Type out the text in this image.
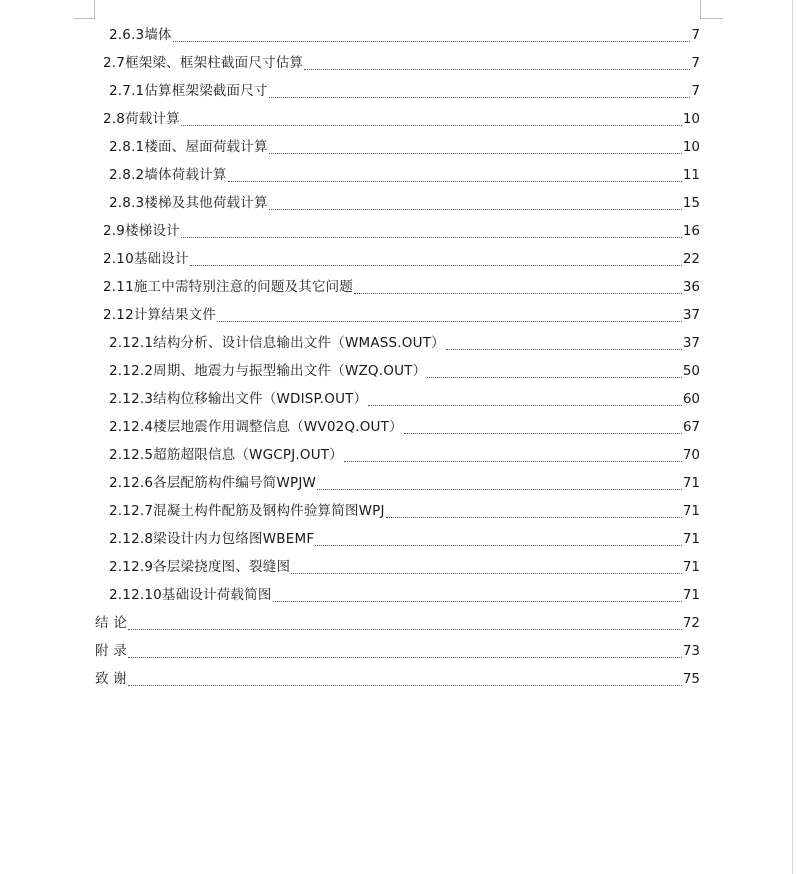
2.6.3墙体	7
2.7框架梁、框架柱截面尺寸估算	7
2.7.1估算框架梁截面尺寸	7
2.8荷载计算	10
2.8.1楼面、屋面荷载计算	10
2.8.2墙体荷载计算	11
2.8.3楼梯及其他荷载计算	15
2.9楼梯设计	16
2.10基础设计	22
2.11施工中需特别注意的问题及其它问题	36
2.12计算结果文件	37
2.12.1结构分析、设计信息输出文件（WMASS.OUT）	37
2.12.2周期、地震力与振型输出文件（WZQ.OUT）	50
2.12.3结构位移输出文件（WDISP.OUT）	60
2.12.4楼层地震作用调整信息（WV02Q.OUT）	67
2.12.5超筋超限信息（WGCPJ.OUT）	70
2.12.6各层配筋构件编号简WPJW	71
2.12.7混凝土构件配筋及钢构件验算简图WPJ	71
2.12.8梁设计内力包络图WBEMF	71
2.12.9各层梁挠度图、裂缝图	71
2.12.10基础设计荷载简图	71
结 论	72
附 录	73
致 谢	75
